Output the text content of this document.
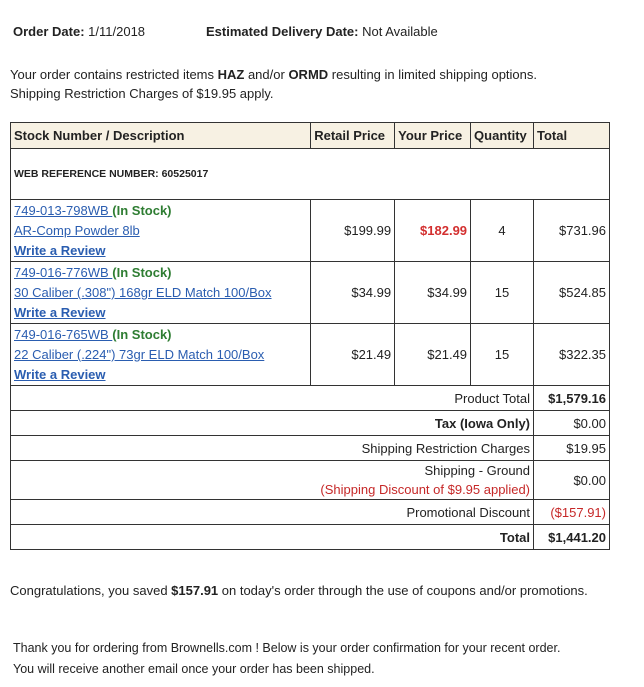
Order Date: 1/11/2018	Estimated Delivery Date: Not Available
Your order contains restricted items HAZ and/or ORMD resulting in limited shipping options.
Shipping Restriction Charges of $19.95 apply.
Stock Number / Description	Retail Price	Your Price	Quantity	Total
WEB REFERENCE NUMBER: 60525017				
749-013-798WB (In Stock)
AR-Comp Powder 8lb
Write a Review	$199.99	$182.99	4	$731.96
749-016-776WB (In Stock)
30 Caliber (.308") 168gr ELD Match 100/Box
Write a Review	$34.99	$34.99	15	$524.85
749-016-765WB (In Stock)
22 Caliber (.224") 73gr ELD Match 100/Box
Write a Review	$21.49	$21.49	15	$322.35
Product Total				$1,579.16
Tax (Iowa Only)				$0.00
Shipping Restriction Charges				$19.95
Shipping - Ground
(Shipping Discount of $9.95 applied)				$0.00
Promotional Discount				($157.91)
Total				$1,441.20
Congratulations, you saved $157.91 on today's order through the use of coupons and/or promotions.
Thank you for ordering from Brownells.com ! Below is your order confirmation for your recent order.
You will receive another email once your order has been shipped.
